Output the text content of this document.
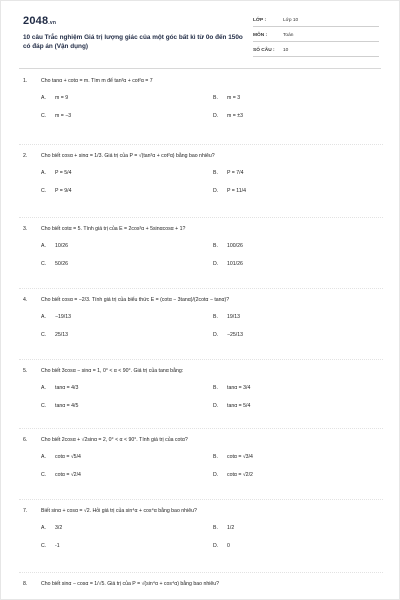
2048.vn
10 câu Trắc nghiệm Giá trị lượng giác của một góc bất kì từ 0o đến 150o có đáp án (Vận dụng)
LỚP :	Lớp 10
MÔN :	Toán
SỐ CÂU :	10
1.	Cho tanα + cotα = m. Tìm m để tan²α + cot²α = 7
A. m = 9	B. m = 3
C. m = −3	D. m = ±3
2.	Cho biết cosα + sinα = 1/3. Giá trị của P = √(tan²α + cot²α) bằng bao nhiêu?
A. P = 5/4	B. P = 7/4
C. P = 9/4	D. P = 11/4
3.	Cho biết cotα = 5. Tính giá trị của E = 2cos²α + 5sinαcosα + 1?
A. 10/26	B. 100/26
C. 50/26	D. 101/26
4.	Cho biết cosα = −2/3. Tính giá trị của biểu thức E = (cotα − 3tanα)/(2cotα − tanα)?
A. −19/13	B. 19/13
C. 25/13	D. −25/13
5.	Cho biết 3cosα − sinα = 1, 0° < α < 90°. Giá trị của tanα bằng:
A. tanα = 4/3	B. tanα = 3/4
C. tanα = 4/5	D. tanα = 5/4
6.	Cho biết 2cosα + √2sinα = 2, 0° < α < 90°. Tính giá trị của cotα?
A. cotα = √5/4	B. cotα = √3/4
C. cotα = √2/4	D. cotα = √2/2
7.	Biết sinα + cosα = √2. Hỏi giá trị của sin⁴α + cos⁴α bằng bao nhiêu?
A. 3/2	B. 1/2
C. -1	D. 0
8.	Cho biết sinα − cosα = 1/√5. Giá trị của P = √(sin⁴α + cos⁴α) bằng bao nhiêu?
